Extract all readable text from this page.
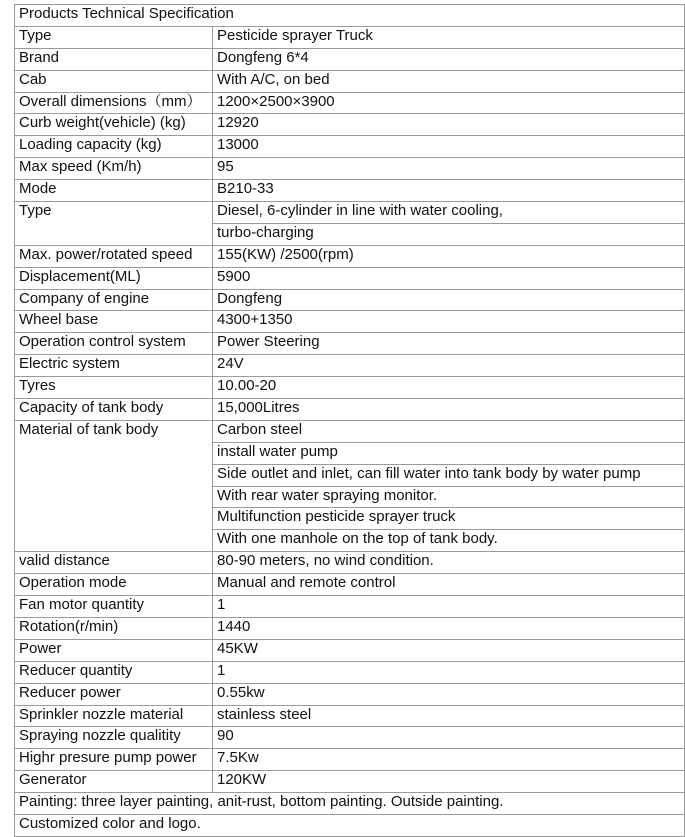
Products Technical Specification	
Type	Pesticide sprayer Truck
Brand	Dongfeng 6*4
Cab	With A/C, on bed
Overall dimensions（mm）	1200×2500×3900
Curb weight(vehicle) (kg)	12920
Loading capacity (kg)	13000
Max speed (Km/h)	95
Mode	B210-33
Type	Diesel, 6-cylinder in line with water cooling,
	turbo-charging
Max. power/rotated speed	155(KW) /2500(rpm)
Displacement(ML)	5900
Company of engine	Dongfeng
Wheel base	4300+1350
Operation control system	Power Steering
Electric system	24V
Tyres	10.00-20
Capacity of tank body	15,000Litres
Material of tank body	Carbon steel
	install water pump
	Side outlet and inlet, can fill water into tank body by water pump
	With rear water spraying monitor.
	Multifunction pesticide sprayer truck
	With one manhole on the top of tank body.
valid distance	80-90 meters, no wind condition.
Operation mode	Manual and remote control
Fan motor quantity	1
Rotation(r/min)	1440
Power	45KW
Reducer quantity	1
Reducer power	0.55kw
Sprinkler nozzle material	stainless steel
Spraying nozzle qualitity	90
Highr presure pump power	7.5Kw
Generator	120KW
Painting: three layer painting, anit-rust, bottom painting. Outside painting.	
Customized color and logo.	
